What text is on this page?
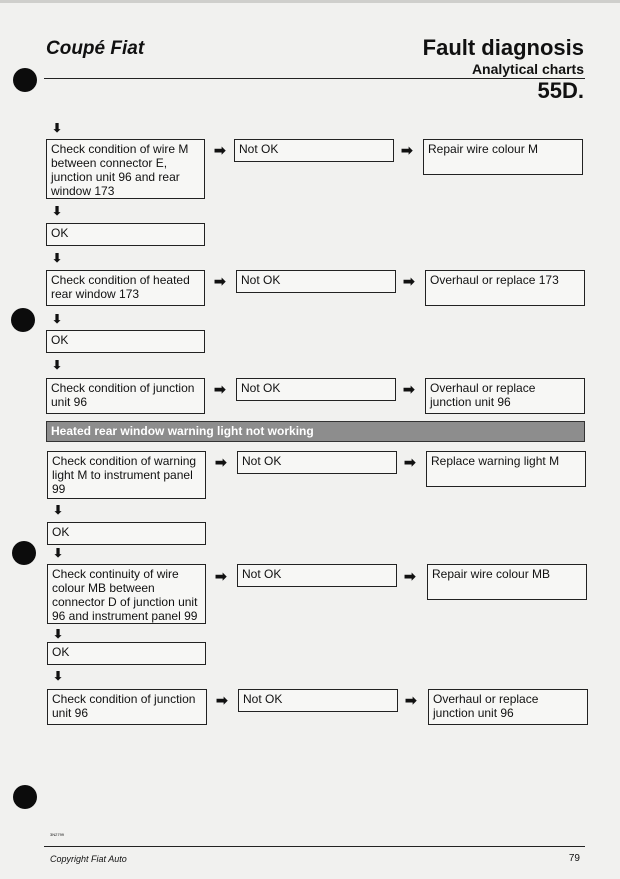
Coupé Fiat	Fault diagnosis
Analytical charts
55D.
⬇
Check condition of wire M between connector E, junction unit 96 and rear window 173
➡	Not OK	➡	Repair wire colour M
⬇
OK
⬇
Check condition of heated rear window 173
➡	Not OK	➡	Overhaul or replace 173
⬇
OK
⬇
Check condition of junction unit 96
➡	Not OK	➡	Overhaul or replace junction unit 96
Heated rear window warning light not working
Check condition of warning light M to instrument panel 99
➡	Not OK	➡	Replace warning light M
⬇
OK
⬇
Check continuity of wire colour MB between connector D of junction unit 96 and instrument panel 99
➡	Not OK	➡	Repair wire colour MB
⬇
OK
⬇
Check condition of junction unit 96
➡	Not OK	➡	Overhaul or replace junction unit 96
3N2799
Copyright Fiat Auto	79
